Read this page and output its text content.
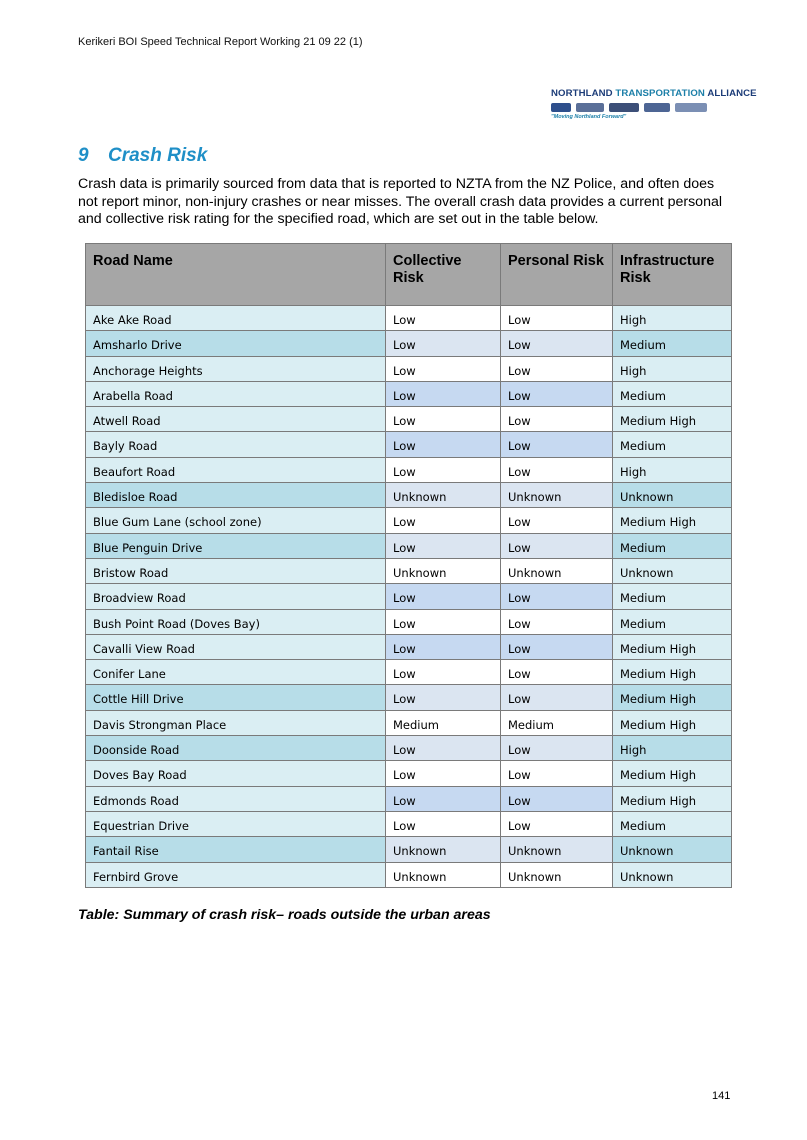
Kerikeri BOI Speed Technical Report Working 21 09 22 (1)
NORTHLAND TRANSPORTATION ALLIANCE
"Moving Northland Forward"
9 Crash Risk

Crash data is primarily sourced from data that is reported to NZTA from the NZ Police, and often does not report minor, non-injury crashes or near misses. The overall crash data provides a current personal and collective risk rating for the specified road, which are set out in the table below.

Road Name	Collective Risk	Personal Risk	Infrastructure Risk
Ake Ake Road	Low	Low	High
Amsharlo Drive	Low	Low	Medium
Anchorage Heights	Low	Low	High
Arabella Road	Low	Low	Medium
Atwell Road	Low	Low	Medium High
Bayly Road	Low	Low	Medium
Beaufort Road	Low	Low	High
Bledisloe Road	Unknown	Unknown	Unknown
Blue Gum Lane (school zone)	Low	Low	Medium High
Blue Penguin Drive	Low	Low	Medium
Bristow Road	Unknown	Unknown	Unknown
Broadview Road	Low	Low	Medium
Bush Point Road (Doves Bay)	Low	Low	Medium
Cavalli View Road	Low	Low	Medium High
Conifer Lane	Low	Low	Medium High
Cottle Hill Drive	Low	Low	Medium High
Davis Strongman Place	Medium	Medium	Medium High
Doonside Road	Low	Low	High
Doves Bay Road	Low	Low	Medium High
Edmonds Road	Low	Low	Medium High
Equestrian Drive	Low	Low	Medium
Fantail Rise	Unknown	Unknown	Unknown
Fernbird Grove	Unknown	Unknown	Unknown

Table: Summary of crash risk– roads outside the urban areas

141
